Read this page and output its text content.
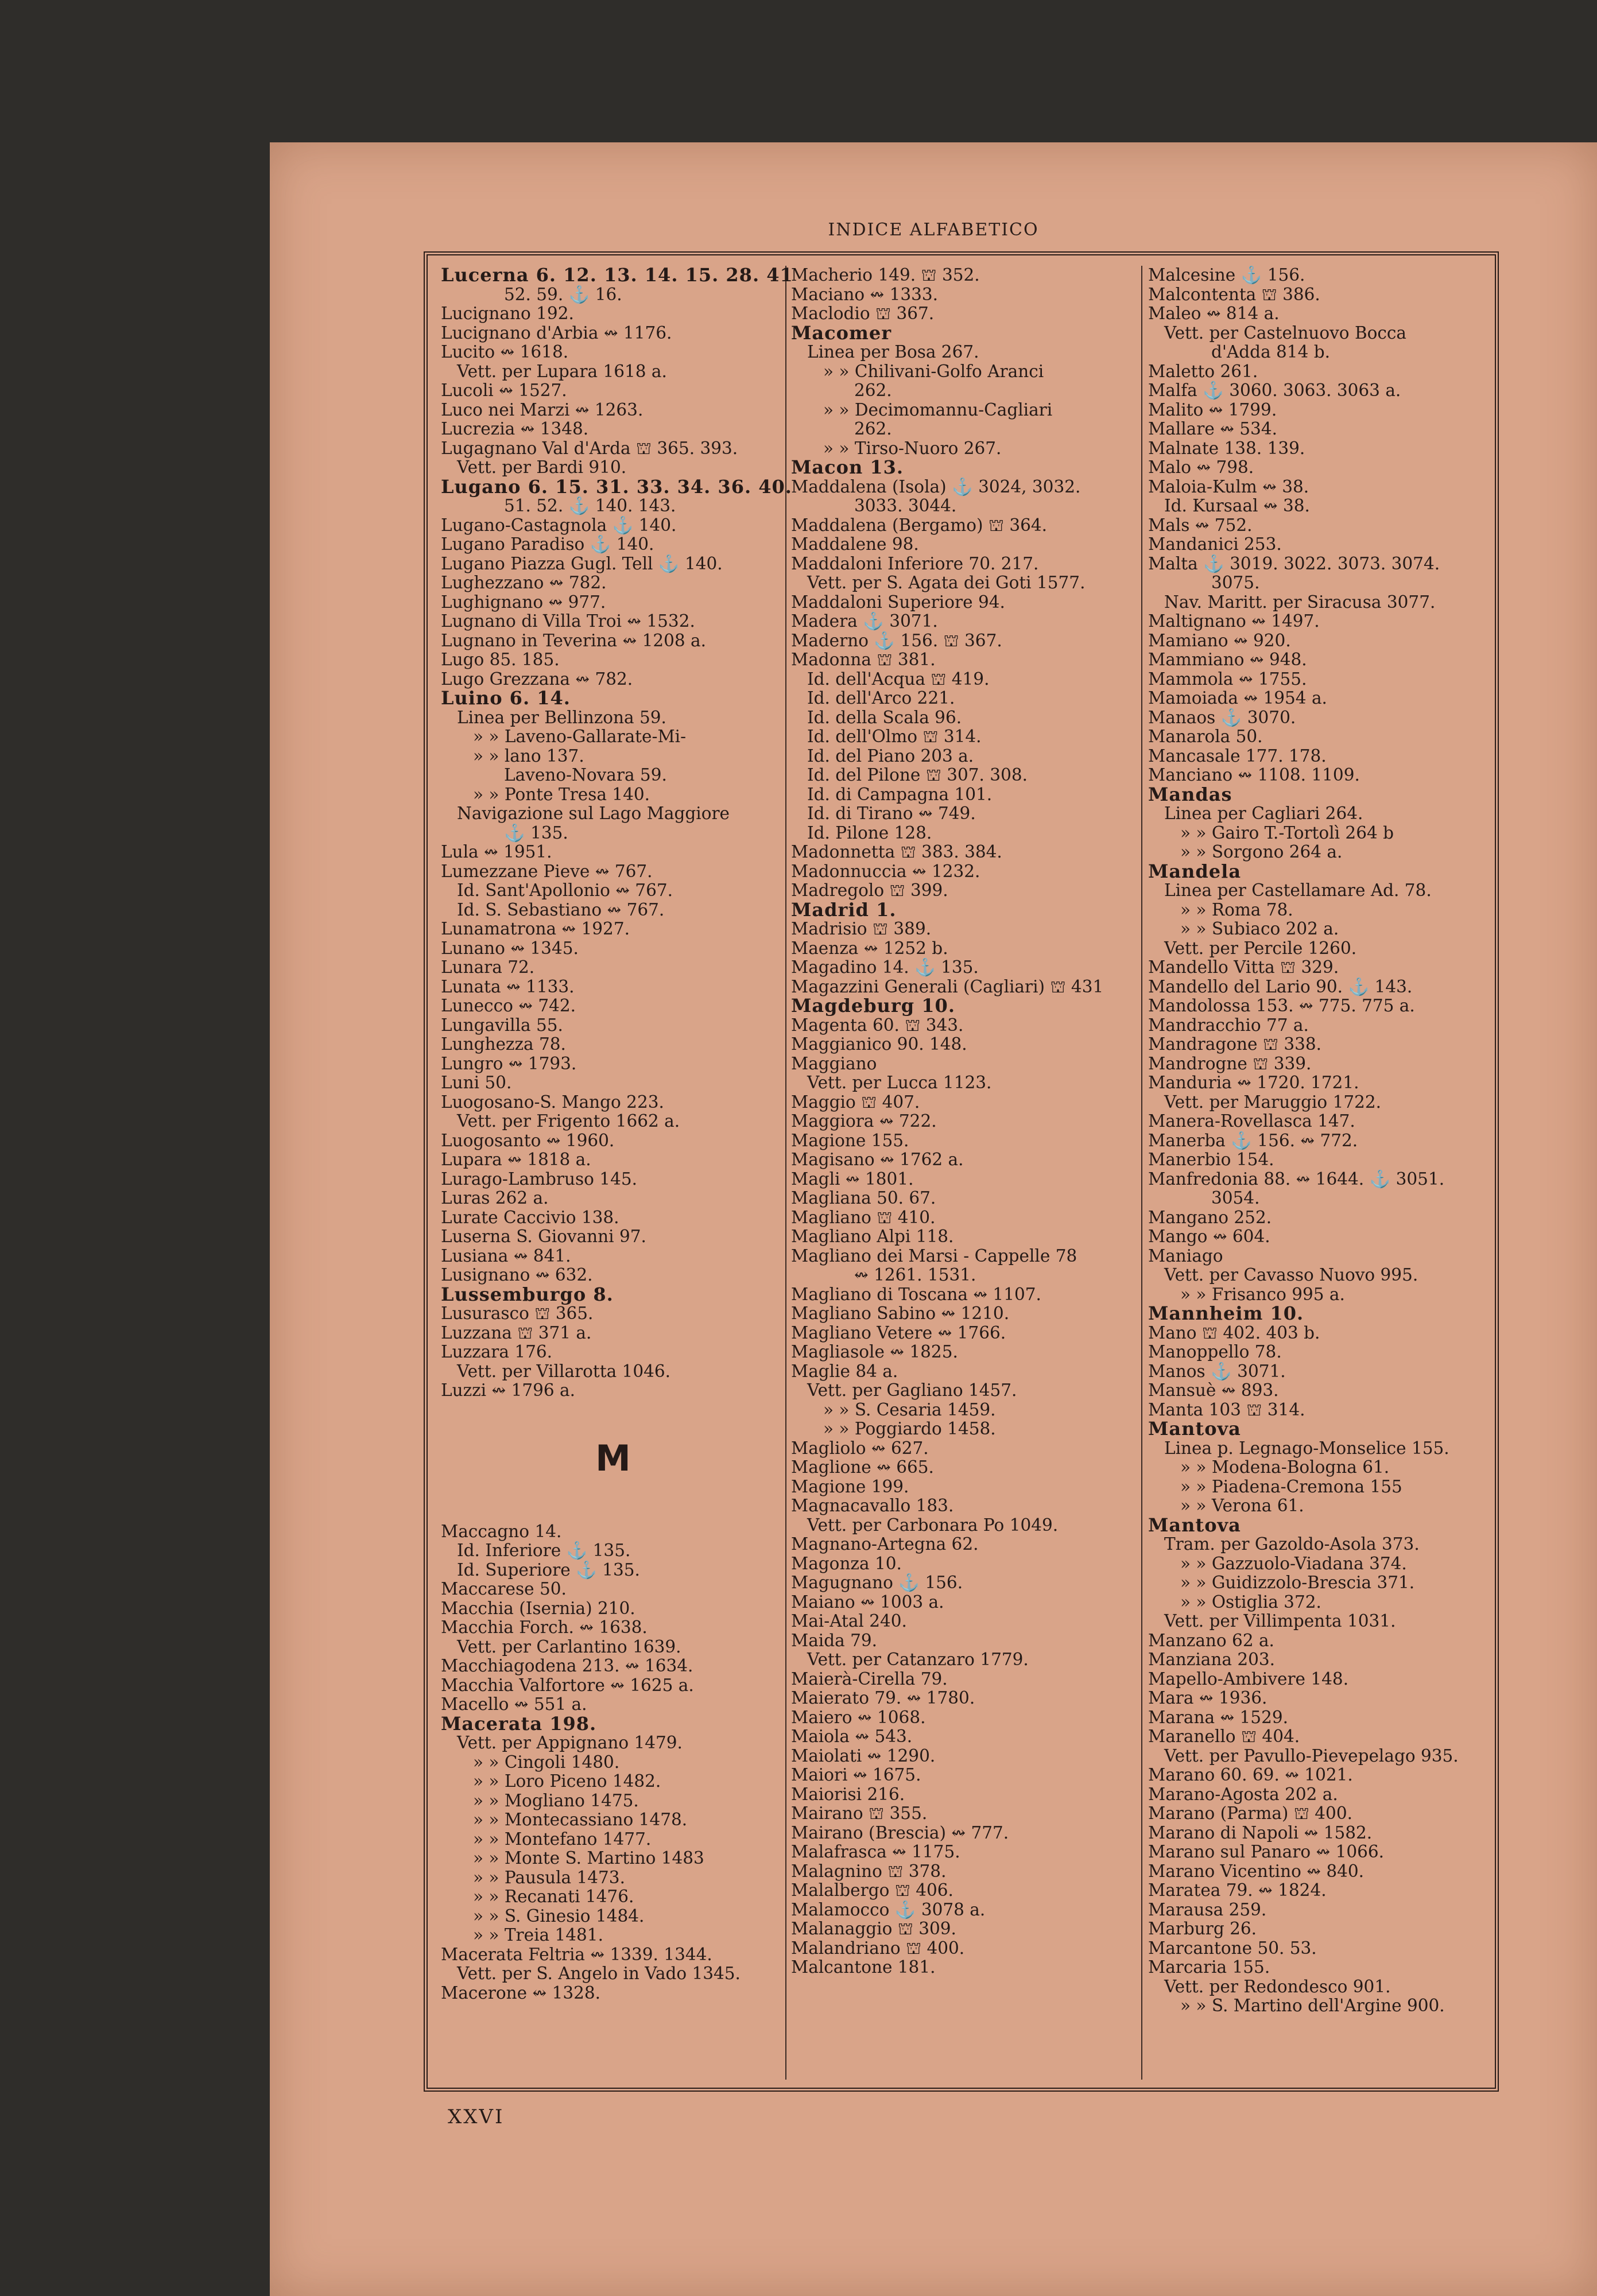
INDICE ALFABETICO
XXVI
Lucerna 6. 12. 13. 14. 15. 28. 41
52. 59. ⚓ 16.
Lucignano 192.
Lucignano d'Arbia ↭ 1176.
Lucito ↭ 1618.
Vett. per Lupara 1618 a.
Lucoli ↭ 1527.
Luco nei Marzi ↭ 1263.
Lucrezia ↭ 1348.
Lugagnano Val d'Arda ⛫ 365. 393.
Vett. per Bardi 910.
Lugano 6. 15. 31. 33. 34. 36. 40.
51. 52. ⚓ 140. 143.
Lugano-Castagnola ⚓ 140.
Lugano Paradiso ⚓ 140.
Lugano Piazza Gugl. Tell ⚓ 140.
Lughezzano ↭ 782.
Lughignano ↭ 977.
Lugnano di Villa Troi ↭ 1532.
Lugnano in Teverina ↭ 1208 a.
Lugo 85. 185.
Lugo Grezzana ↭ 782.
Luino 6. 14.
Linea per Bellinzona 59.
» » Laveno-Gallarate-Mi-
» » lano 137.
Laveno-Novara 59.
» » Ponte Tresa 140.
Navigazione sul Lago Maggiore
⚓ 135.
Lula ↭ 1951.
Lumezzane Pieve ↭ 767.
Id. Sant'Apollonio ↭ 767.
Id. S. Sebastiano ↭ 767.
Lunamatrona ↭ 1927.
Lunano ↭ 1345.
Lunara 72.
Lunata ↭ 1133.
Lunecco ↭ 742.
Lungavilla 55.
Lunghezza 78.
Lungro ↭ 1793.
Luni 50.
Luogosano-S. Mango 223.
Vett. per Frigento 1662 a.
Luogosanto ↭ 1960.
Lupara ↭ 1818 a.
Lurago-Lambruso 145.
Luras 262 a.
Lurate Caccivio 138.
Luserna S. Giovanni 97.
Lusiana ↭ 841.
Lusignano ↭ 632.
Lussemburgo 8.
Lusurasco ⛫ 365.
Luzzana ⛫ 371 a.
Luzzara 176.
Vett. per Villarotta 1046.
Luzzi ↭ 1796 a.
M
Maccagno 14.
Id. Inferiore ⚓ 135.
Id. Superiore ⚓ 135.
Maccarese 50.
Macchia (Isernia) 210.
Macchia Forch. ↭ 1638.
Vett. per Carlantino 1639.
Macchiagodena 213. ↭ 1634.
Macchia Valfortore ↭ 1625 a.
Macello ↭ 551 a.
Macerata 198.
Vett. per Appignano 1479.
» » Cingoli 1480.
» » Loro Piceno 1482.
» » Mogliano 1475.
» » Montecassiano 1478.
» » Montefano 1477.
» » Monte S. Martino 1483
» » Pausula 1473.
» » Recanati 1476.
» » S. Ginesio 1484.
» » Treia 1481.
Macerata Feltria ↭ 1339. 1344.
Vett. per S. Angelo in Vado 1345.
Macerone ↭ 1328.
Macherio 149. ⛫ 352.
Maciano ↭ 1333.
Maclodio ⛫ 367.
Macomer
Linea per Bosa 267.
» » Chilivani-Golfo Aranci
262.
» » Decimomannu-Cagliari
262.
» » Tirso-Nuoro 267.
Macon 13.
Maddalena (Isola) ⚓ 3024, 3032.
3033. 3044.
Maddalena (Bergamo) ⛫ 364.
Maddalene 98.
Maddaloni Inferiore 70. 217.
Vett. per S. Agata dei Goti 1577.
Maddaloni Superiore 94.
Madera ⚓ 3071.
Maderno ⚓ 156. ⛫ 367.
Madonna ⛫ 381.
Id. dell'Acqua ⛫ 419.
Id. dell'Arco 221.
Id. della Scala 96.
Id. dell'Olmo ⛫ 314.
Id. del Piano 203 a.
Id. del Pilone ⛫ 307. 308.
Id. di Campagna 101.
Id. di Tirano ↭ 749.
Id. Pilone 128.
Madonnetta ⛫ 383. 384.
Madonnuccia ↭ 1232.
Madregolo ⛫ 399.
Madrid 1.
Madrisio ⛫ 389.
Maenza ↭ 1252 b.
Magadino 14. ⚓ 135.
Magazzini Generali (Cagliari) ⛫ 431
Magdeburg 10.
Magenta 60. ⛫ 343.
Maggianico 90. 148.
Maggiano
Vett. per Lucca 1123.
Maggio ⛫ 407.
Maggiora ↭ 722.
Magione 155.
Magisano ↭ 1762 a.
Magli ↭ 1801.
Magliana 50. 67.
Magliano ⛫ 410.
Magliano Alpi 118.
Magliano dei Marsi - Cappelle 78
↭ 1261. 1531.
Magliano di Toscana ↭ 1107.
Magliano Sabino ↭ 1210.
Magliano Vetere ↭ 1766.
Magliasole ↭ 1825.
Maglie 84 a.
Vett. per Gagliano 1457.
» » S. Cesaria 1459.
» » Poggiardo 1458.
Magliolo ↭ 627.
Maglione ↭ 665.
Magione 199.
Magnacavallo 183.
Vett. per Carbonara Po 1049.
Magnano-Artegna 62.
Magonza 10.
Magugnano ⚓ 156.
Maiano ↭ 1003 a.
Mai-Atal 240.
Maida 79.
Vett. per Catanzaro 1779.
Maierà-Cirella 79.
Maierato 79. ↭ 1780.
Maiero ↭ 1068.
Maiola ↭ 543.
Maiolati ↭ 1290.
Maiori ↭ 1675.
Maiorisi 216.
Mairano ⛫ 355.
Mairano (Brescia) ↭ 777.
Malafrasca ↭ 1175.
Malagnino ⛫ 378.
Malalbergo ⛫ 406.
Malamocco ⚓ 3078 a.
Malanaggio ⛫ 309.
Malandriano ⛫ 400.
Malcantone 181.
Malcesine ⚓ 156.
Malcontenta ⛫ 386.
Maleo ↭ 814 a.
Vett. per Castelnuovo Bocca
d'Adda 814 b.
Maletto 261.
Malfa ⚓ 3060. 3063. 3063 a.
Malito ↭ 1799.
Mallare ↭ 534.
Malnate 138. 139.
Malo ↭ 798.
Maloia-Kulm ↭ 38.
Id. Kursaal ↭ 38.
Mals ↭ 752.
Mandanici 253.
Malta ⚓ 3019. 3022. 3073. 3074.
3075.
Nav. Maritt. per Siracusa 3077.
Maltignano ↭ 1497.
Mamiano ↭ 920.
Mammiano ↭ 948.
Mammola ↭ 1755.
Mamoiada ↭ 1954 a.
Manaos ⚓ 3070.
Manarola 50.
Mancasale 177. 178.
Manciano ↭ 1108. 1109.
Mandas
Linea per Cagliari 264.
» » Gairo T.-Tortolì 264 b
» » Sorgono 264 a.
Mandela
Linea per Castellamare Ad. 78.
» » Roma 78.
» » Subiaco 202 a.
Vett. per Percile 1260.
Mandello Vitta ⛫ 329.
Mandello del Lario 90. ⚓ 143.
Mandolossa 153. ↭ 775. 775 a.
Mandracchio 77 a.
Mandragone ⛫ 338.
Mandrogne ⛫ 339.
Manduria ↭ 1720. 1721.
Vett. per Maruggio 1722.
Manera-Rovellasca 147.
Manerba ⚓ 156. ↭ 772.
Manerbio 154.
Manfredonia 88. ↭ 1644. ⚓ 3051.
3054.
Mangano 252.
Mango ↭ 604.
Maniago
Vett. per Cavasso Nuovo 995.
» » Frisanco 995 a.
Mannheim 10.
Mano ⛫ 402. 403 b.
Manoppello 78.
Manos ⚓ 3071.
Mansuè ↭ 893.
Manta 103 ⛫ 314.
Mantova
Linea p. Legnago-Monselice 155.
» » Modena-Bologna 61.
» » Piadena-Cremona 155
» » Verona 61.
Mantova
Tram. per Gazoldo-Asola 373.
» » Gazzuolo-Viadana 374.
» » Guidizzolo-Brescia 371.
» » Ostiglia 372.
Vett. per Villimpenta 1031.
Manzano 62 a.
Manziana 203.
Mapello-Ambivere 148.
Mara ↭ 1936.
Marana ↭ 1529.
Maranello ⛫ 404.
Vett. per Pavullo-Pievepelago 935.
Marano 60. 69. ↭ 1021.
Marano-Agosta 202 a.
Marano (Parma) ⛫ 400.
Marano di Napoli ↭ 1582.
Marano sul Panaro ↭ 1066.
Marano Vicentino ↭ 840.
Maratea 79. ↭ 1824.
Marausa 259.
Marburg 26.
Marcantone 50. 53.
Marcaria 155.
Vett. per Redondesco 901.
» » S. Martino dell'Argine 900.
